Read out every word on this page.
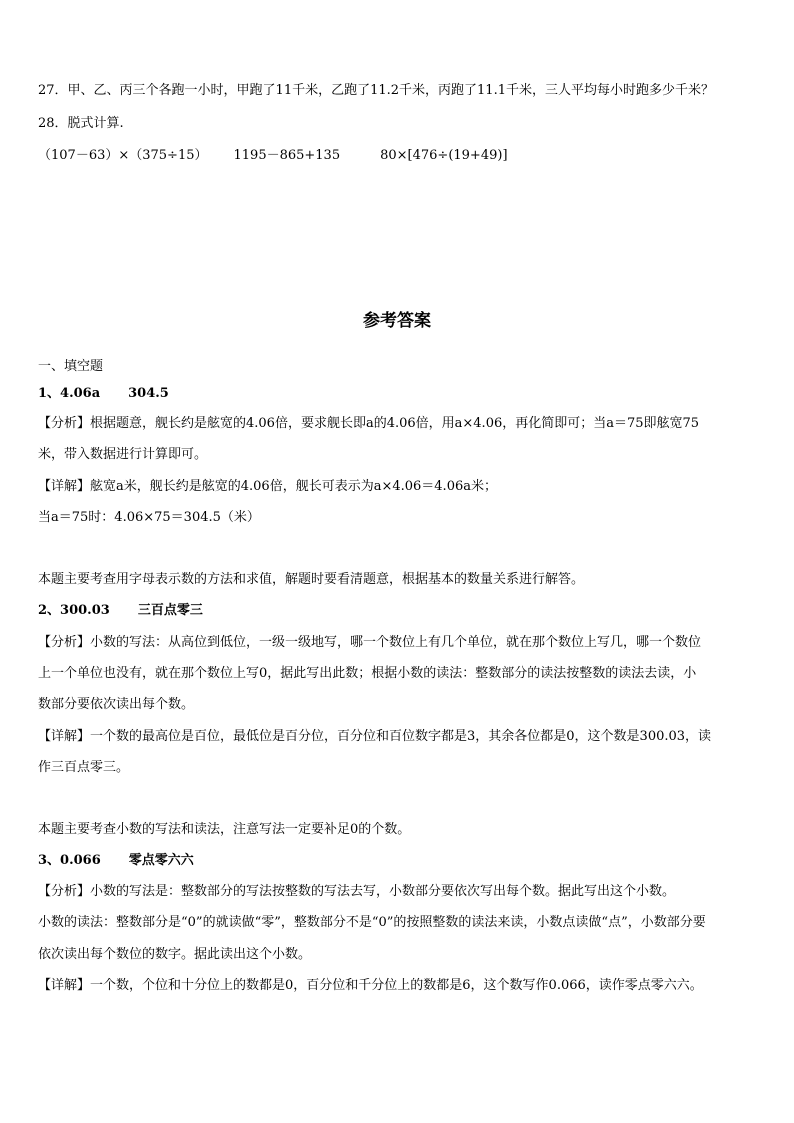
27．甲、乙、丙三个各跑一小时，甲跑了11千米，乙跑了11.2千米，丙跑了11.1千米，三人平均每小时跑多少千米？
28．脱式计算.
（107－63）×（375÷15） 1195－865+135	80×[476÷(19+49)]
参考答案
一、填空题
1、4.06a 304.5
【分析】根据题意，舰长约是舷宽的4.06倍，要求舰长即a的4.06倍，用a×4.06，再化简即可；当a＝75即舷宽75
米，带入数据进行计算即可。
【详解】舷宽a米，舰长约是舷宽的4.06倍，舰长可表示为a×4.06＝4.06a米；
当a＝75时：4.06×75＝304.5（米）
本题主要考查用字母表示数的方法和求值，解题时要看清题意，根据基本的数量关系进行解答。
2、300.03 三百点零三
【分析】小数的写法：从高位到低位，一级一级地写，哪一个数位上有几个单位，就在那个数位上写几，哪一个数位
上一个单位也没有，就在那个数位上写0，据此写出此数；根据小数的读法：整数部分的读法按整数的读法去读，小
数部分要依次读出每个数。
【详解】一个数的最高位是百位，最低位是百分位，百分位和百位数字都是3，其余各位都是0，这个数是300.03，读
作三百点零三。
本题主要考查小数的写法和读法，注意写法一定要补足0的个数。
3、0.066 零点零六六
【分析】小数的写法是：整数部分的写法按整数的写法去写，小数部分要依次写出每个数。据此写出这个小数。
小数的读法：整数部分是“0”的就读做“零”，整数部分不是“0”的按照整数的读法来读，小数点读做“点”，小数部分要
依次读出每个数位的数字。据此读出这个小数。
【详解】一个数，个位和十分位上的数都是0，百分位和千分位上的数都是6，这个数写作0.066，读作零点零六六。
